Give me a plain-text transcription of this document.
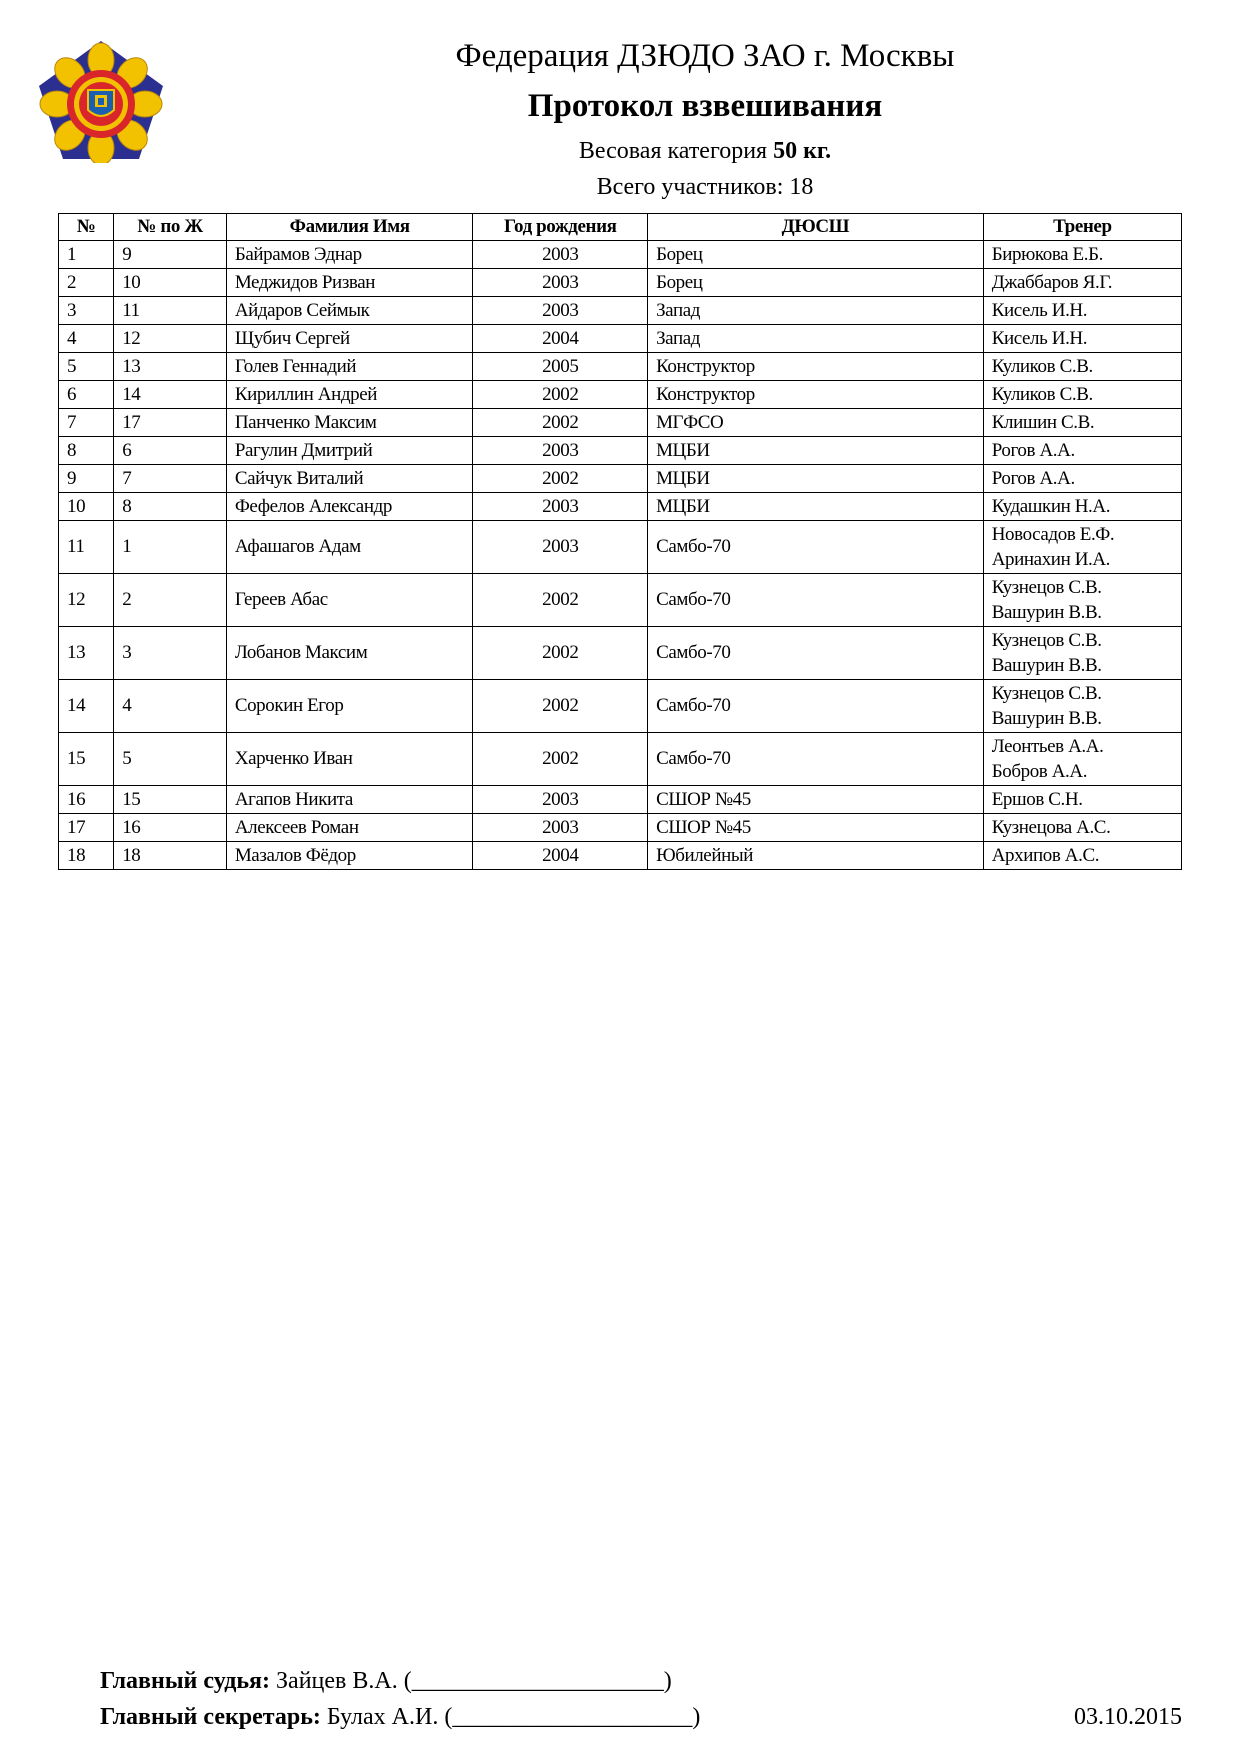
Федерация ДЗЮДО ЗАО г. Москвы
Протокол взвешивания
Весовая категория 50 кг.
Всего участников: 18
№	№ по Ж	Фамилия Имя	Год рождения	ДЮСШ	Тренер
1	9	Байрамов Эднар	2003	Борец	Бирюкова Е.Б.

2	10	Меджидов Ризван	2003	Борец	Джаббаров Я.Г.

3	11	Айдаров Сеймык	2003	Запад	Кисель И.Н.

4	12	Щубич Сергей	2004	Запад	Кисель И.Н.

5	13	Голев Геннадий	2005	Конструктор	Куликов С.В.

6	14	Кириллин Андрей	2002	Конструктор	Куликов С.В.

7	17	Панченко Максим	2002	МГФСО	Клишин С.В.

8	6	Рагулин Дмитрий	2003	МЦБИ	Рогов А.А.

9	7	Сайчук Виталий	2002	МЦБИ	Рогов А.А.

10	8	Фефелов Александр	2003	МЦБИ	Кудашкин Н.А.

11	1	Афашагов Адам	2003	Самбо-70	Новосадов Е.Ф.
Аринахин И.А.

12	2	Гереев Абас	2002	Самбо-70	Кузнецов С.В.
Вашурин В.В.

13	3	Лобанов Максим	2002	Самбо-70	Кузнецов С.В.
Вашурин В.В.

14	4	Сорокин Егор	2002	Самбо-70	Кузнецов С.В.
Вашурин В.В.

15	5	Харченко Иван	2002	Самбо-70	Леонтьев А.А.
Бобров А.А.

16	15	Агапов Никита	2003	СШОР №45	Ершов С.Н.

17	16	Алексеев Роман	2003	СШОР №45	Кузнецова А.С.

18	18	Мазалов Фёдор	2004	Юбилейный	Архипов А.С.
Главный судья: Зайцев В.А. (_____________________)
Главный секретарь: Булах А.И. (____________________)	03.10.2015
